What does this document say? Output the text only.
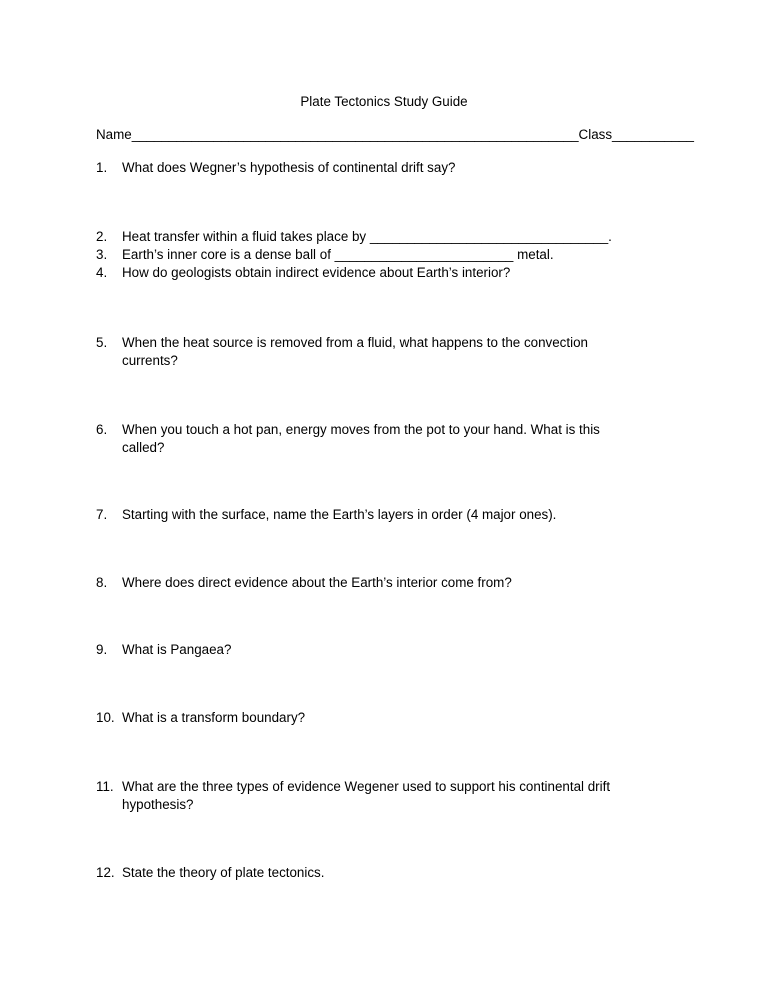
Plate Tectonics Study Guide
Name____________________________________________________________Class___________
1. What does Wegner’s hypothesis of continental drift say?
2. Heat transfer within a fluid takes place by ________________________________.
3. Earth’s inner core is a dense ball of ________________________ metal.
4. How do geologists obtain indirect evidence about Earth’s interior?
5. When the heat source is removed from a fluid, what happens to the convection
currents?
6. When you touch a hot pan, energy moves from the pot to your hand. What is this
called?
7. Starting with the surface, name the Earth’s layers in order (4 major ones).
8. Where does direct evidence about the Earth’s interior come from?
9. What is Pangaea?
10. What is a transform boundary?
11. What are the three types of evidence Wegener used to support his continental drift
hypothesis?
12. State the theory of plate tectonics.
